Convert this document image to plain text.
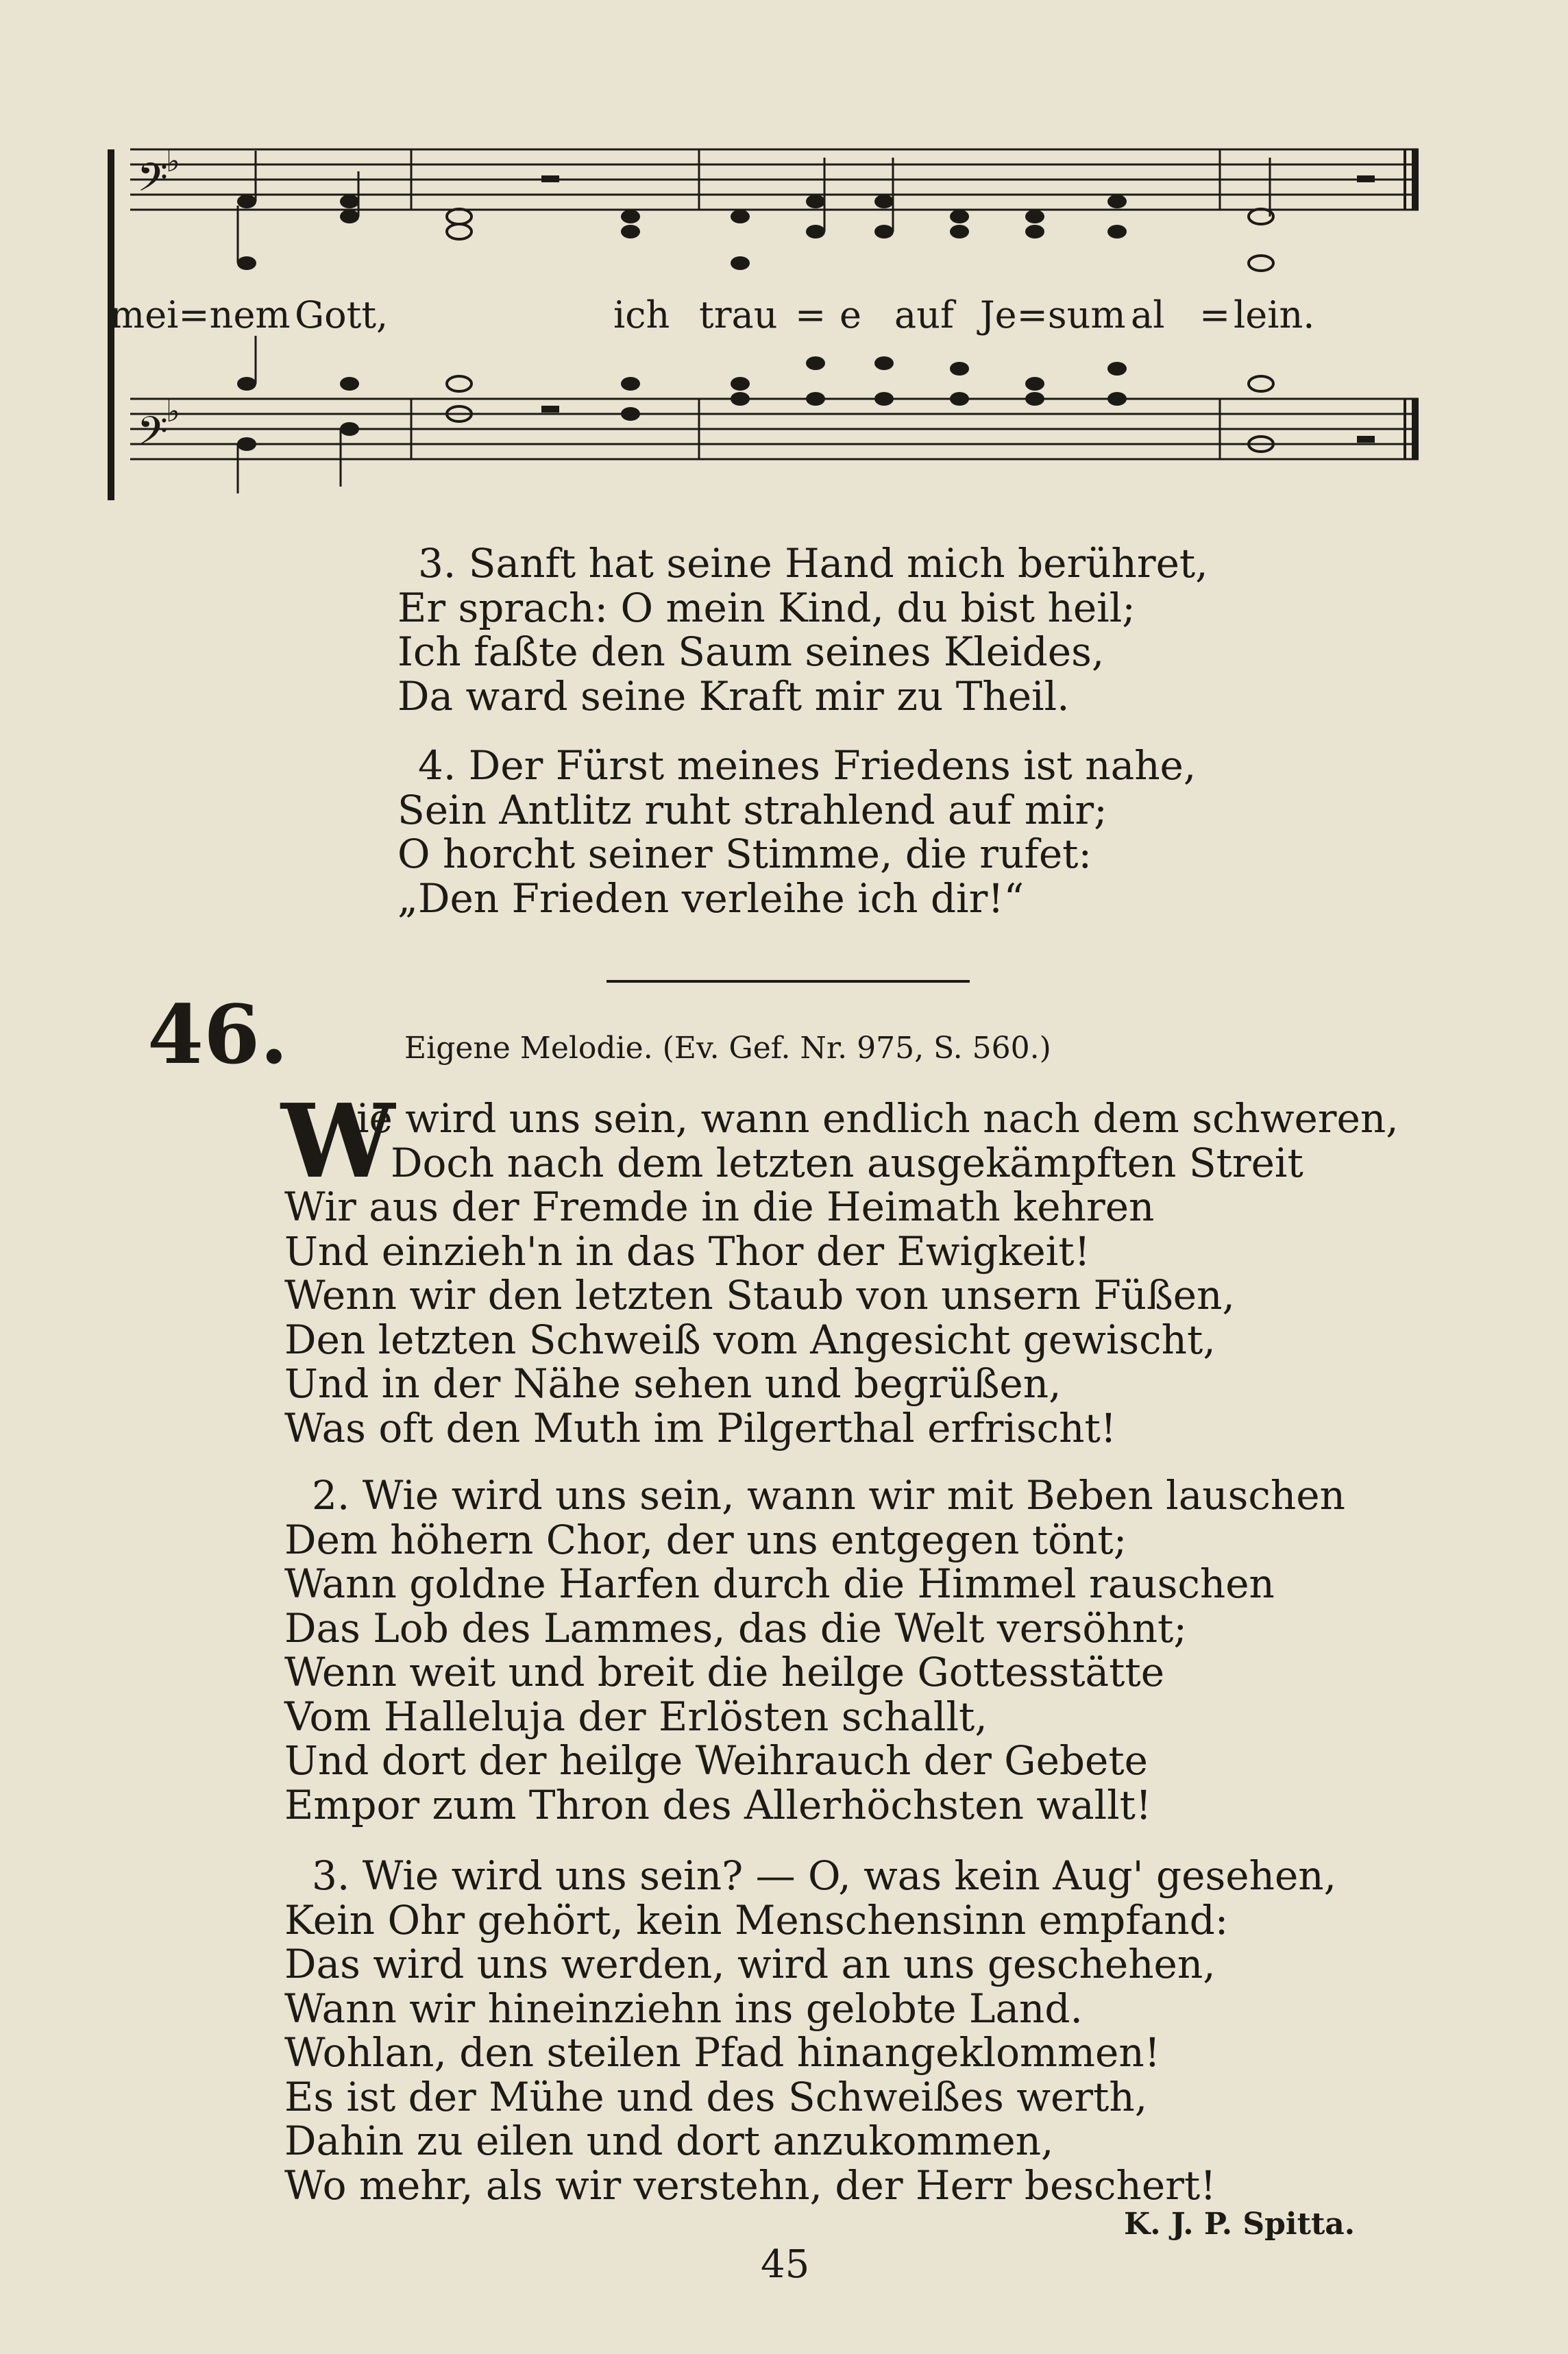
𝄢
𝄢
♭
♭
mei=nem Gott,	ich trau = e auf Je=sum al = lein.
3. Sanft hat seine Hand mich berühret,
Er sprach: O mein Kind, du bist heil;
Ich faßte den Saum seines Kleides,
Da ward seine Kraft mir zu Theil.
4. Der Fürst meines Friedens ist nahe,
Sein Antlitz ruht strahlend auf mir;
O horcht seiner Stimme, die rufet:
„Den Frieden verleihe ich dir!“
46.	Eigene Melodie. (Ev. Gef. Nr. 975, S. 560.)
W
ie wird uns sein, wann endlich nach dem schweren,
Doch nach dem letzten ausgekämpften Streit
Wir aus der Fremde in die Heimath kehren
Und einzieh'n in das Thor der Ewigkeit!
Wenn wir den letzten Staub von unsern Füßen,
Den letzten Schweiß vom Angesicht gewischt,
Und in der Nähe sehen und begrüßen,
Was oft den Muth im Pilgerthal erfrischt!
2. Wie wird uns sein, wann wir mit Beben lauschen
Dem höhern Chor, der uns entgegen tönt;
Wann goldne Harfen durch die Himmel rauschen
Das Lob des Lammes, das die Welt versöhnt;
Wenn weit und breit die heilge Gottesstätte
Vom Halleluja der Erlösten schallt,
Und dort der heilge Weihrauch der Gebete
Empor zum Thron des Allerhöchsten wallt!
3. Wie wird uns sein? — O, was kein Aug' gesehen,
Kein Ohr gehört, kein Menschensinn empfand:
Das wird uns werden, wird an uns geschehen,
Wann wir hineinziehn ins gelobte Land.
Wohlan, den steilen Pfad hinangeklommen!
Es ist der Mühe und des Schweißes werth,
Dahin zu eilen und dort anzukommen,
Wo mehr, als wir verstehn, der Herr beschert!
K. J. P. Spitta.
45
